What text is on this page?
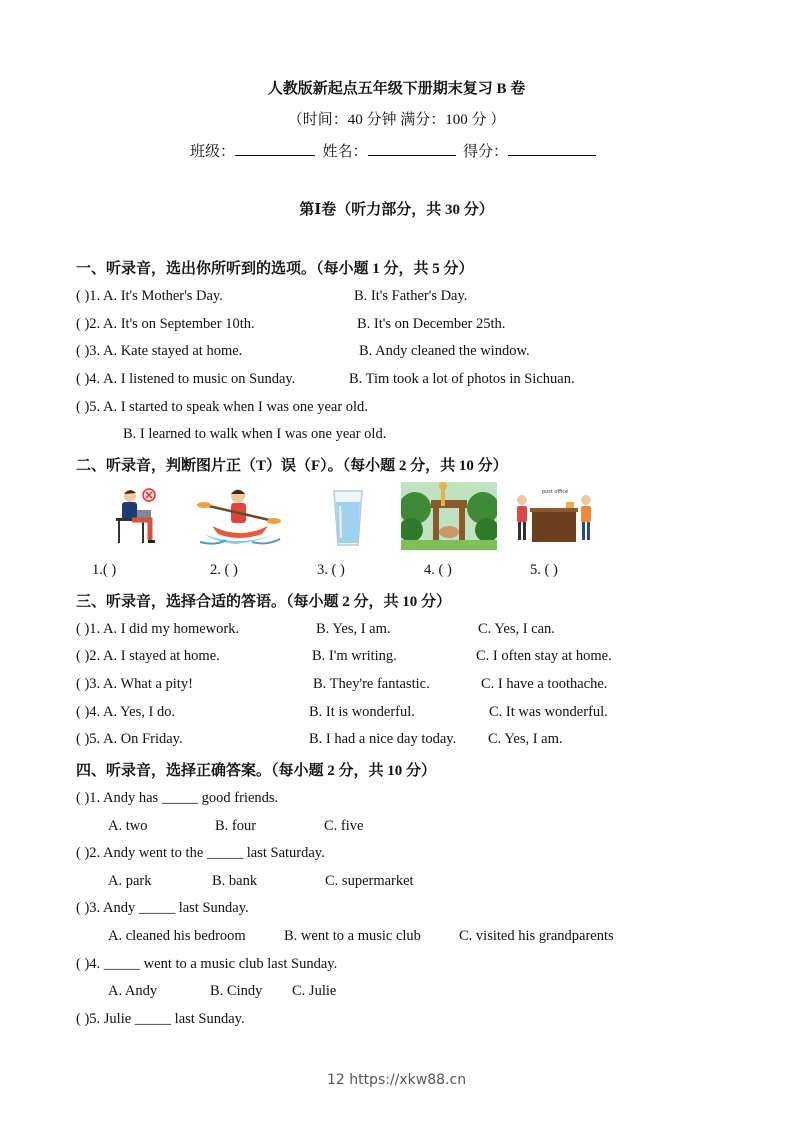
人教版新起点五年级下册期末复习 B 卷
（时间：40 分钟 满分：100 分 ）
班级：	姓名：	得分：
第Ⅰ卷（听力部分，共 30 分）
一、听录音，选出你所听到的选项。（每小题 1 分，共 5 分）
( )1. A. It's Mother's Day.	B. It's Father's Day.
( )2. A. It's on September 10th.	B. It's on December 25th.
( )3. A. Kate stayed at home.	B. Andy cleaned the window.
( )4. A. I listened to music on Sunday.	B. Tim took a lot of photos in Sichuan.
( )5. A. I started to speak when I was one year old.
B. I learned to walk when I was one year old.
二、听录音，判断图片正（T）误（F）。（每小题 2 分，共 10 分）
post office
1.( )	2. ( )	3. ( )	4. ( )	5. ( )
三、听录音，选择合适的答语。（每小题 2 分，共 10 分）
( )1. A. I did my homework.	B. Yes, I am.	C. Yes, I can.
( )2. A. I stayed at home.	B. I'm writing.	C. I often stay at home.
( )3. A. What a pity!	B. They're fantastic.	C. I have a toothache.
( )4. A. Yes, I do.	B. It is wonderful.	C. It was wonderful.
( )5. A. On Friday.	B. I had a nice day today. C. Yes, I am.
四、听录音，选择正确答案。（每小题 2 分，共 10 分）
( )1. Andy has _____ good friends.
A. two	B. four	C. five
( )2. Andy went to the _____ last Saturday.
A. park	B. bank	C. supermarket
( )3. Andy _____ last Sunday.
A. cleaned his bedroom	B. went to a music club	C. visited his grandparents
( )4. _____ went to a music club last Sunday.
A. Andy	B. Cindy C. Julie
( )5. Julie _____ last Sunday.
12 https://xkw88.cn
